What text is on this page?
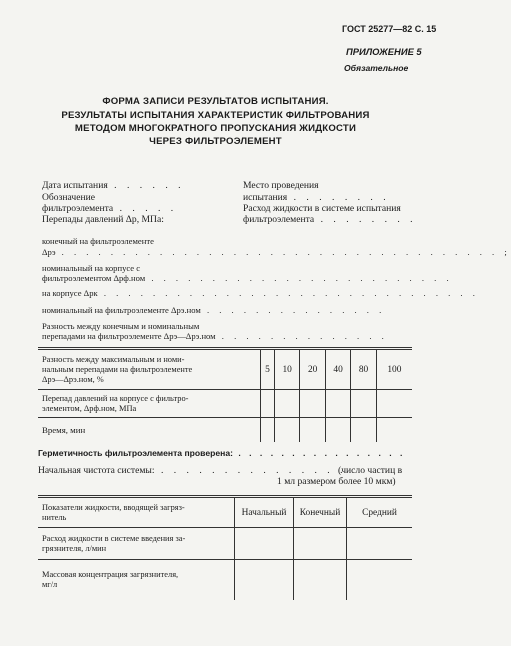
ГОСТ 25277—82 С. 15
ПРИЛОЖЕНИЕ 5
Обязательное
ФОРМА ЗАПИСИ РЕЗУЛЬТАТОВ ИСПЫТАНИЯ.
РЕЗУЛЬТАТЫ ИСПЫТАНИЯ ХАРАКТЕРИСТИК ФИЛЬТРОВАНИЯ
МЕТОДОМ МНОГОКРАТНОГО ПРОПУСКАНИЯ ЖИДКОСТИ
ЧЕРЕЗ ФИЛЬТРОЭЛЕМЕНТ
Дата испытания . . . . . .
Обозначение
фильтроэлемента . . . . .
Перепады давлений Δp, МПа:
Место проведения
испытания . . . . . . . .
Расход жидкости в системе испытания
фильтроэлемента . . . . . . . .
конечный на фильтроэлементе
Δpэ . . . . . . . . . . . . . . . . . . . . . . . . . . . . . . . . . . . . ;
номинальный на корпусе с
фильтроэлементом Δpф.ном . . . . . . . . . . . . . . . . . . . . . . . . .
на корпусе Δpк . . . . . . . . . . . . . . . . . . . . . . . . . . . . . . .
номинальный на фильтроэлементе Δpэ.ном . . . . . . . . . . . . . . .
Разность между конечным и номинальным
перепадами на фильтроэлементе Δpэ—Δpэ.ном . . . . . . . . . . . . . .
Разность между максимальным и номи-
нальным перепадами на фильтроэлементе
Δpэ—Δpэ.ном, %	5	10	20	40	80	100

Перепад давлений на корпусе с фильтро-
элементом, Δpф.ном, МПа						

Время, мин						
Герметичность фильтроэлемента проверена: . . . . . . . . . . . . . . . .
Начальная чистота системы: . . . . . . . . . . . . . . .
(число частиц в
1 мл размером более 10 мкм)
Показатели жидкости, вводящей загряз-
нитель	Начальный	Конечный	Средний

Расход жидкости в системе введения за-
грязнителя, л/мин			

Массовая концентрация загрязнителя,
мг/л			
